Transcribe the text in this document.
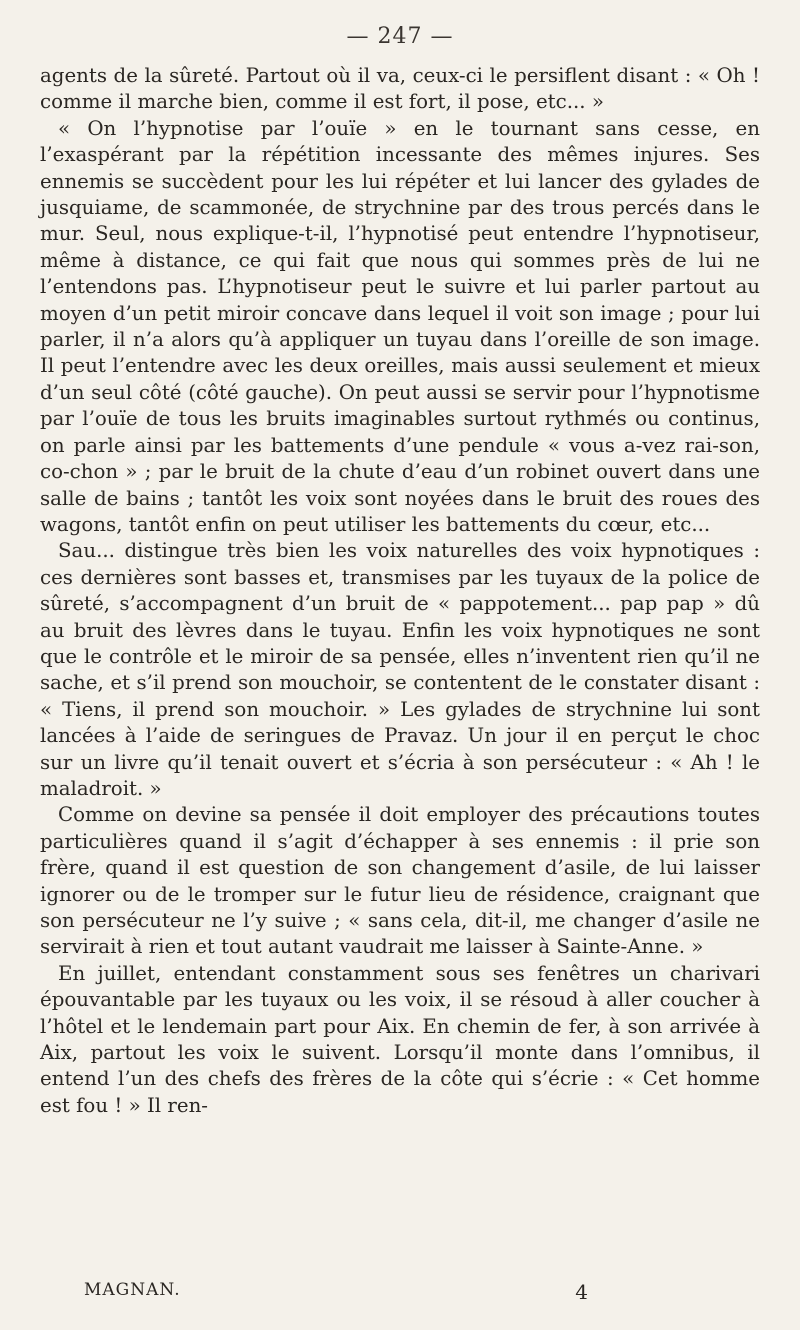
— 247 —

agents de la sûreté. Partout où il va, ceux-ci le persiflent disant : « Oh ! comme il marche bien, comme il est fort, il pose, etc... »

« On l’hypnotise par l’ouïe » en le tournant sans cesse, en l’exaspérant par la répétition incessante des mêmes injures. Ses ennemis se succèdent pour les lui répéter et lui lancer des gylades de jusquiame, de scammonée, de strychnine par des trous percés dans le mur. Seul, nous explique-t-il, l’hypnotisé peut entendre l’hypnotiseur, même à distance, ce qui fait que nous qui sommes près de lui ne l’entendons pas. L’hypnotiseur peut le suivre et lui parler partout au moyen d’un petit miroir concave dans lequel il voit son image ; pour lui parler, il n’a alors qu’à appliquer un tuyau dans l’oreille de son image. Il peut l’entendre avec les deux oreilles, mais aussi seulement et mieux d’un seul côté (côté gauche). On peut aussi se servir pour l’hypnotisme par l’ouïe de tous les bruits imaginables surtout rythmés ou continus, on parle ainsi par les battements d’une pendule « vous a-vez rai-son, co-chon » ; par le bruit de la chute d’eau d’un robinet ouvert dans une salle de bains ; tantôt les voix sont noyées dans le bruit des roues des wagons, tantôt enfin on peut utiliser les battements du cœur, etc...

Sau... distingue très bien les voix naturelles des voix hypnotiques : ces dernières sont basses et, transmises par les tuyaux de la police de sûreté, s’accompagnent d’un bruit de « pappotement... pap pap » dû au bruit des lèvres dans le tuyau. Enfin les voix hypnotiques ne sont que le contrôle et le miroir de sa pensée, elles n’inventent rien qu’il ne sache, et s’il prend son mouchoir, se contentent de le constater disant : « Tiens, il prend son mouchoir. » Les gylades de strychnine lui sont lancées à l’aide de seringues de Pravaz. Un jour il en perçut le choc sur un livre qu’il tenait ouvert et s’écria à son persécuteur : « Ah ! le maladroit. »

Comme on devine sa pensée il doit employer des précautions toutes particulières quand il s’agit d’échapper à ses ennemis : il prie son frère, quand il est question de son changement d’asile, de lui laisser ignorer ou de le tromper sur le futur lieu de résidence, craignant que son persécuteur ne l’y suive ; « sans cela, dit-il, me changer d’asile ne servirait à rien et tout autant vaudrait me laisser à Sainte-Anne. »

En juillet, entendant constamment sous ses fenêtres un charivari épouvantable par les tuyaux ou les voix, il se résoud à aller coucher à l’hôtel et le lendemain part pour Aix. En chemin de fer, à son arrivée à Aix, partout les voix le suivent. Lorsqu’il monte dans l’omnibus, il entend l’un des chefs des frères de la côte qui s’écrie : « Cet homme est fou ! » Il ren-

MAGNAN.	4
